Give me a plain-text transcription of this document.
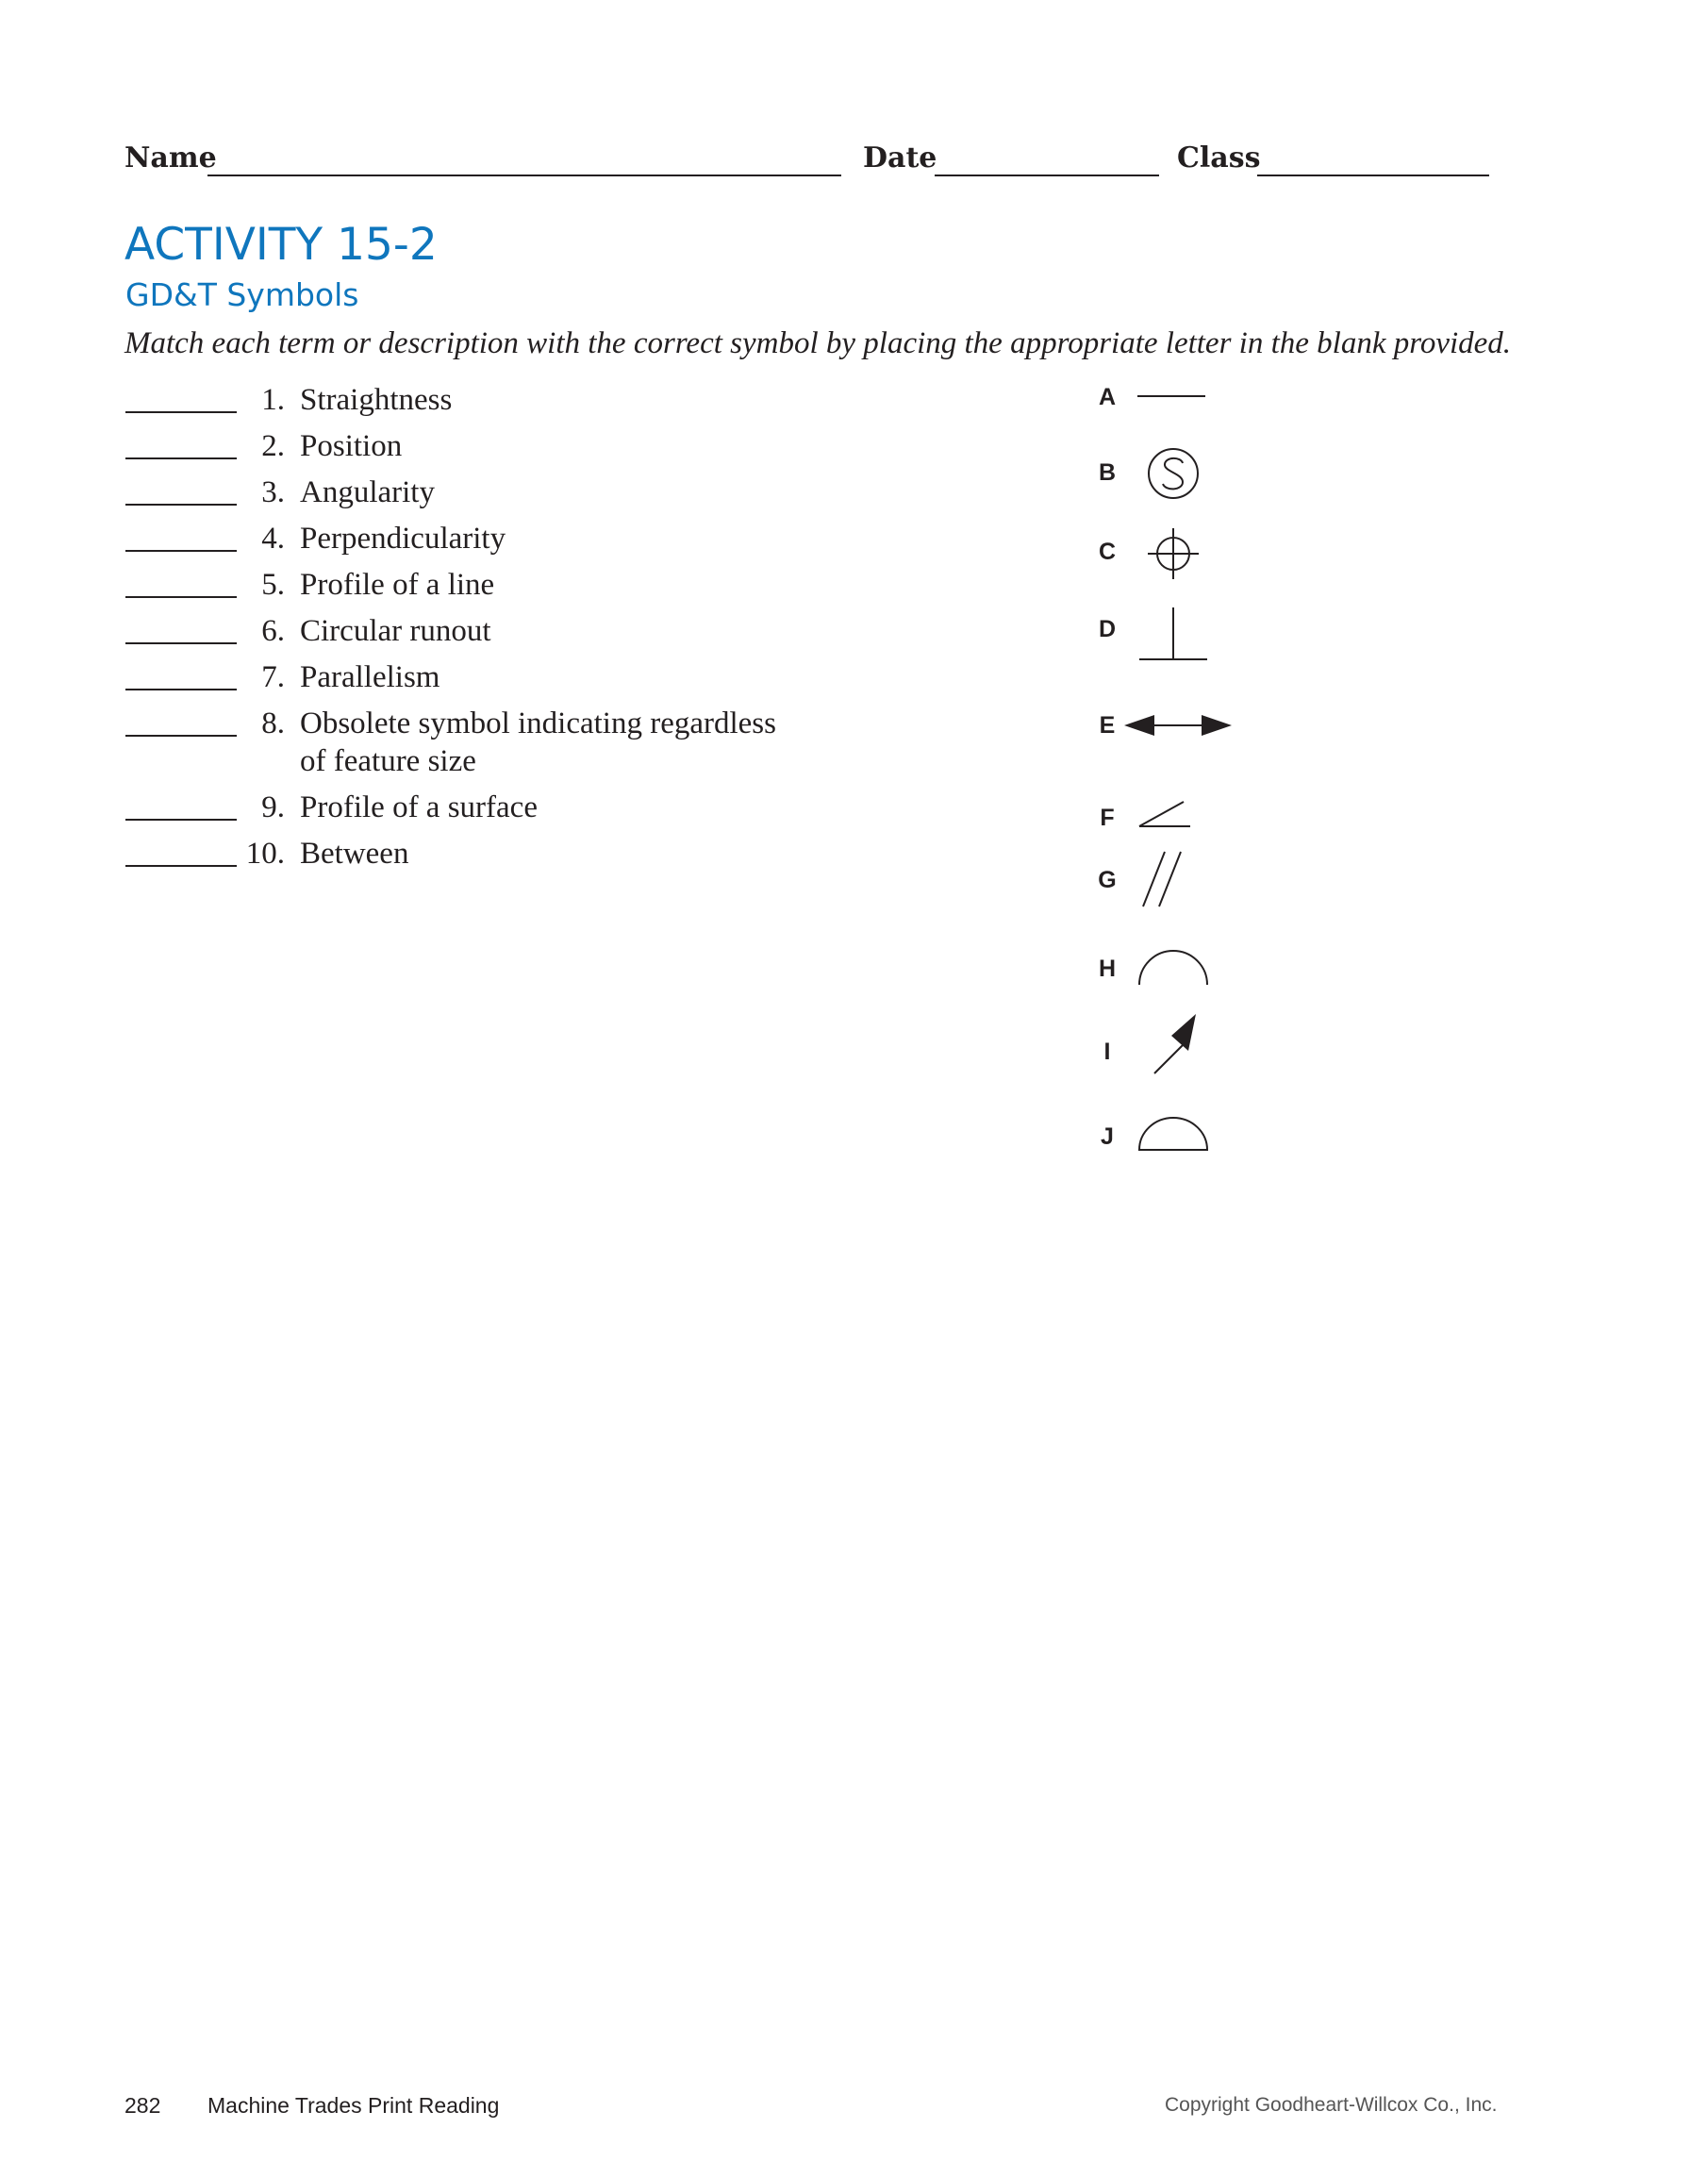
Name	Date	Class
ACTIVITY 15-2
GD&T Symbols
Match each term or description with the correct symbol by placing the appropriate letter in the blank provided.
1. Straightness
2. Position
3. Angularity
4. Perpendicularity
5. Profile of a line
6. Circular runout
7. Parallelism
8. Obsolete symbol indicating regardless
of feature size
9. Profile of a surface
10. Between
A
B
C
D
E
F
G
H
I
J
282 Machine Trades Print Reading	Copyright Goodheart-Willcox Co., Inc.
